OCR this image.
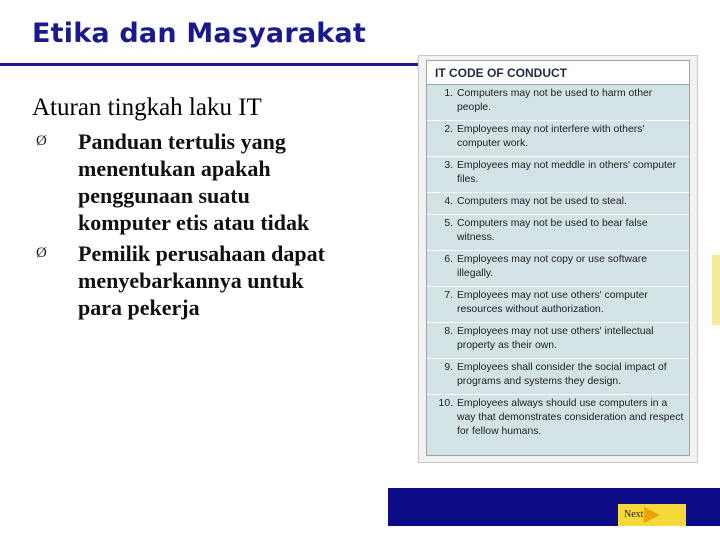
Etika dan Masyarakat
Aturan tingkah laku IT
Ø Panduan tertulis yang menentukan apakah penggunaan suatu komputer etis atau tidak
Ø Pemilik perusahaan dapat menyebarkannya untuk para pekerja
IT CODE OF CONDUCT
1. Computers may not be used to harm other people.
2. Employees may not interfere with others' computer work.
3. Employees may not meddle in others' computer files.
4. Computers may not be used to steal.
5. Computers may not be used to bear false witness.
6. Employees may not copy or use software illegally.
7. Employees may not use others' computer resources without authorization.
8. Employees may not use others' intellectual property as their own.
9. Employees shall consider the social impact of programs and systems they design.
10. Employees always should use computers in a way that demonstrates consideration and respect for fellow humans.
Next
